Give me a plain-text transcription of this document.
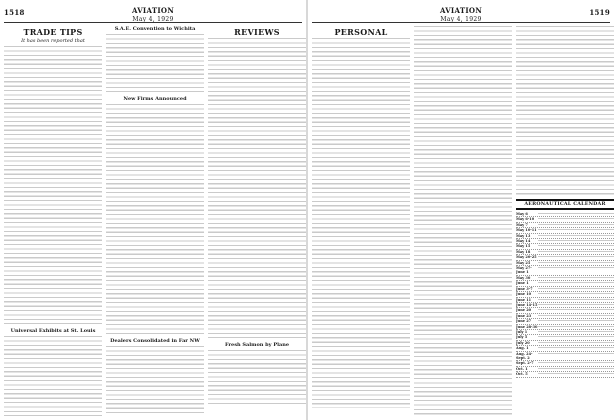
1518	AVIATION
May 4, 1929
TRADE TIPS
It has been reported that
Universal Exhibits at St. Louis
S.A.E. Convention to Wichita
New Firms Announced
Dealers Consolidated in Far NW
REVIEWS
Fresh Salmon by Plane
1519
AVIATION
May 4, 1929
PERSONAL
AERONAUTICAL CALENDAR
May 6
May 6-10
May 7
May 10-11
May 13
May 14
May 15
May 18
May 20-25
May 25
May 27-June 1
May 30
June 1
June 3-7
June 10
June 11
June 14-15
June 20
June 23
June 27
June 28-30
July 1
July 5
July 20
Aug. 1
Aug. 24-Sept. 2
Sept. 2-7
Oct. 1
Oct. 5
